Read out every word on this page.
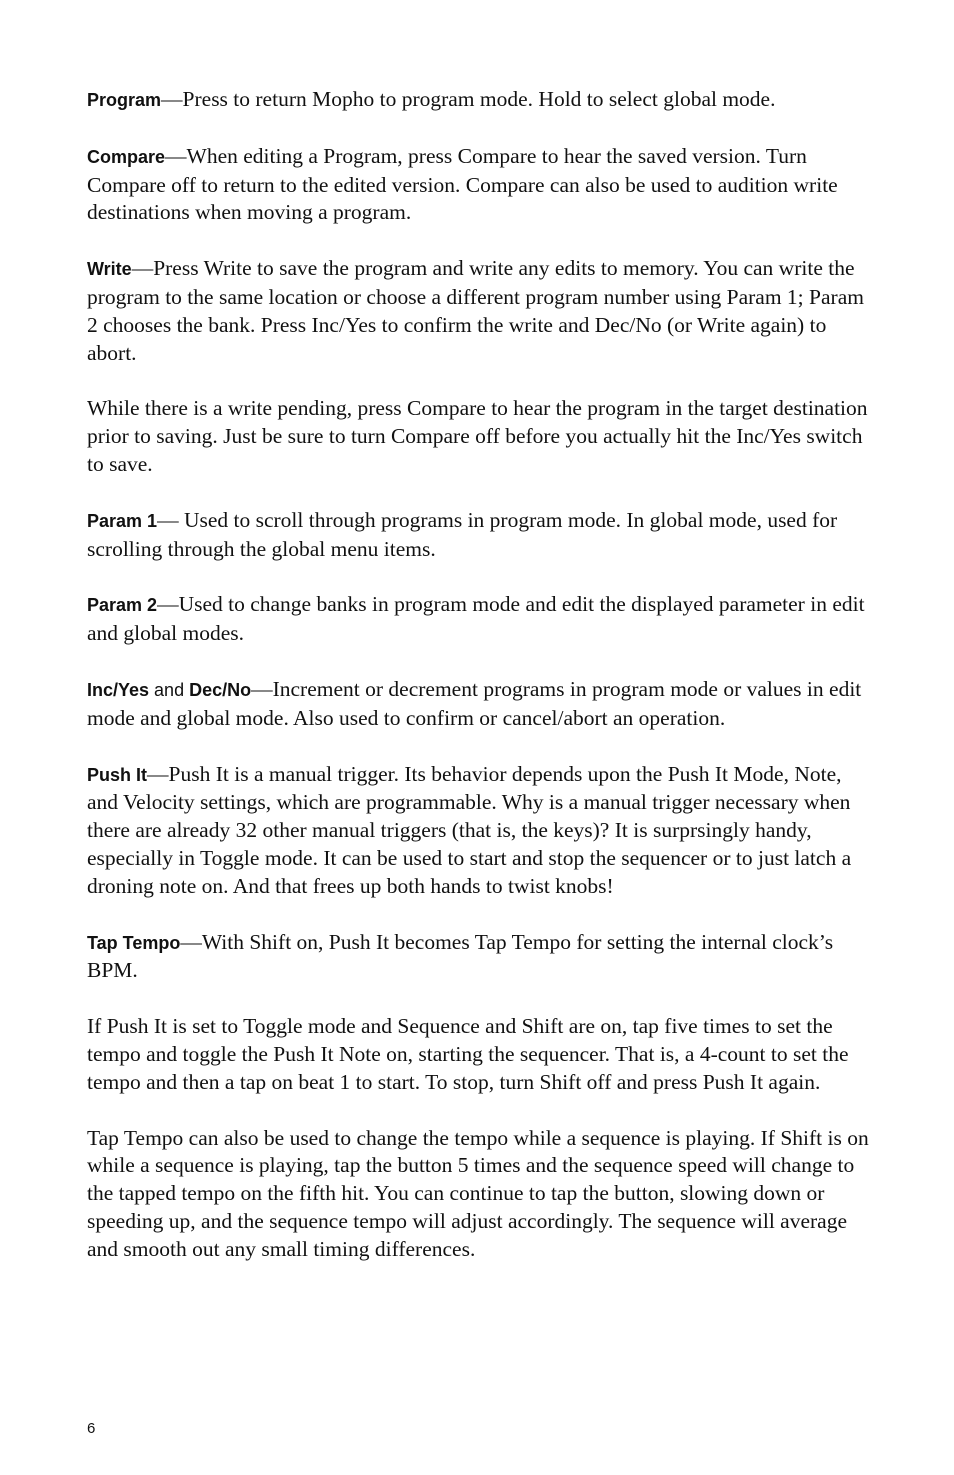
Program—Press to return Mopho to program mode. Hold to select global mode.

Compare—When editing a Program, press Compare to hear the saved version. Turn Compare off to return to the edited version. Compare can also be used to audition write destinations when moving a program.

Write—Press Write to save the program and write any edits to memory. You can write the program to the same location or choose a different program number using Param 1; Param 2 chooses the bank. Press Inc/Yes to confirm the write and Dec/No (or Write again) to abort.

While there is a write pending, press Compare to hear the program in the target destination prior to saving. Just be sure to turn Compare off before you actually hit the Inc/Yes switch to save.

Param 1— Used to scroll through programs in program mode. In global mode, used for scrolling through the global menu items.

Param 2—Used to change banks in program mode and edit the displayed parameter in edit and global modes.

Inc/Yes and Dec/No—Increment or decrement programs in program mode or values in edit mode and global mode. Also used to confirm or cancel/abort an operation.

Push It—Push It is a manual trigger. Its behavior depends upon the Push It Mode, Note, and Velocity settings, which are programmable. Why is a manual trigger necessary when there are already 32 other manual triggers (that is, the keys)? It is surprsingly handy, especially in Toggle mode. It can be used to start and stop the sequencer or to just latch a droning note on. And that frees up both hands to twist knobs!

Tap Tempo—With Shift on, Push It becomes Tap Tempo for setting the internal clock’s BPM.

If Push It is set to Toggle mode and Sequence and Shift are on, tap five times to set the tempo and toggle the Push It Note on, starting the sequencer. That is, a 4-count to set the tempo and then a tap on beat 1 to start. To stop, turn Shift off and press Push It again.

Tap Tempo can also be used to change the tempo while a sequence is playing. If Shift is on while a sequence is playing, tap the button 5 times and the sequence speed will change to the tapped tempo on the fifth hit. You can continue to tap the button, slowing down or speeding up, and the sequence tempo will adjust accordingly. The sequence will average and smooth out any small timing differences.

6
